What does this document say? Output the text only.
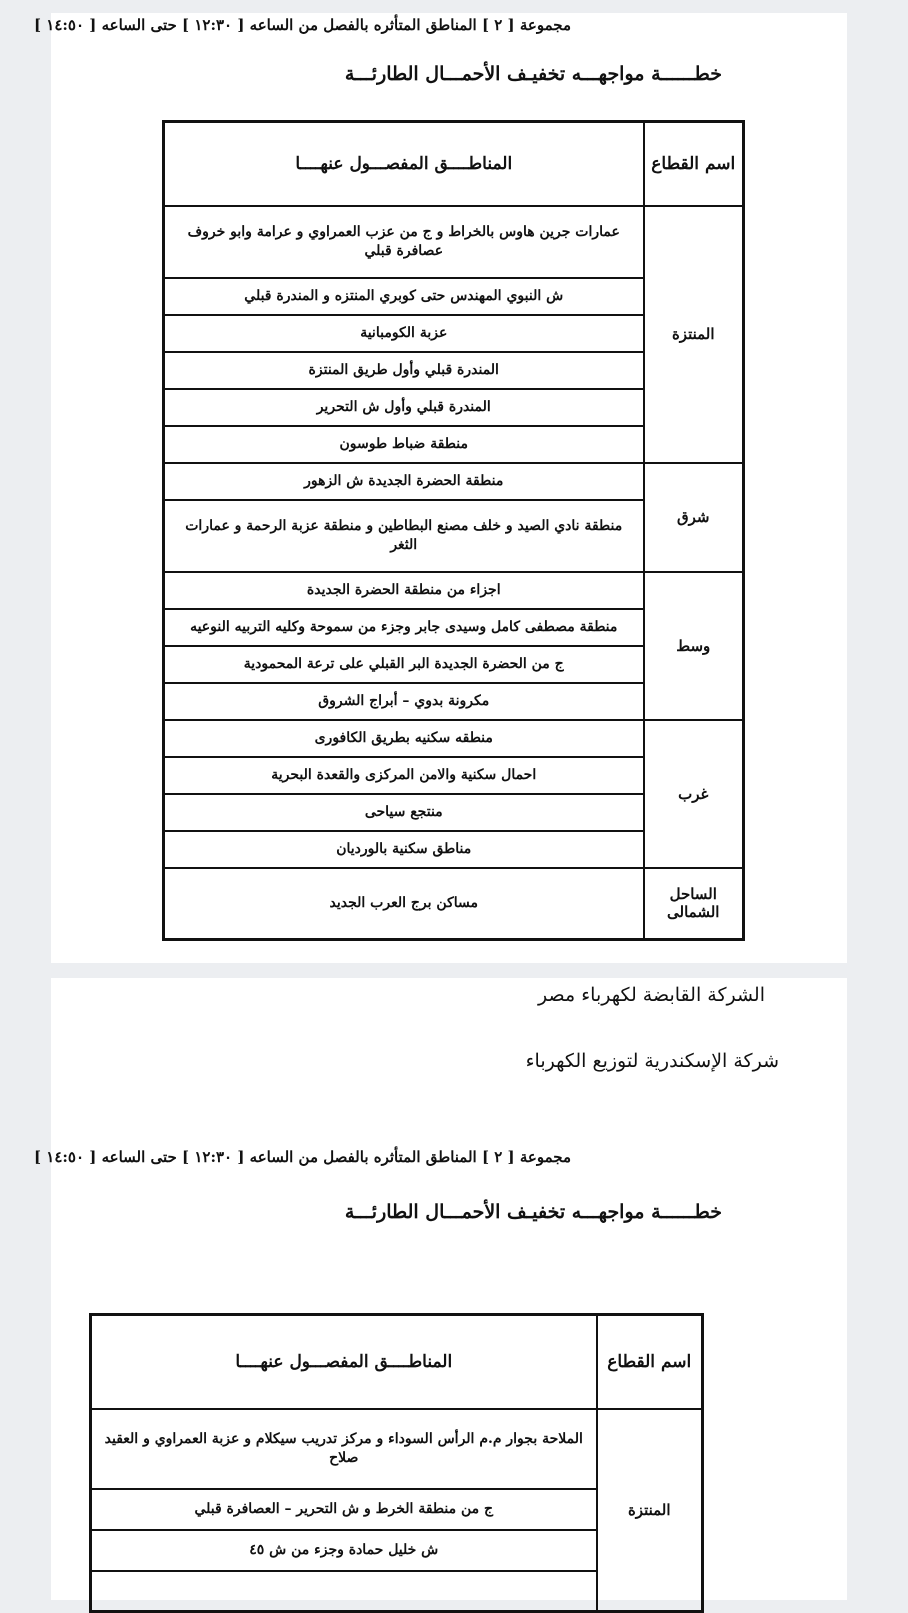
مجموعة [ ٢ ] المناطق المتأثره بالفصل من الساعه [ ١٢:٣٠ ] حتى الساعه [ ١٤:٥٠ ]
خطــــــة مواجهـــه تخفيـف الأحمـــال الطارئـــة
اسم القطاع	المناطــــق المفصـــول عنهــــا
المنتزة	عمارات جرين هاوس بالخراط و ج من عزب العمراوي و عرامة وابو خروف عصافرة قبلي
	ش النبوي المهندس حتى كوبري المنتزه و المندرة قبلي
	عزبة الكومبانية
	المندرة قبلي وأول طريق المنتزة
	المندرة قبلي وأول ش التحرير
	منطقة ضباط طوسون
شرق	منطقة الحضرة الجديدة ش الزهور
	منطقة نادي الصيد و خلف مصنع البطاطين و منطقة عزبة الرحمة و عمارات الثغر
وسط	اجزاء من منطقة الحضرة الجديدة
	منطقة مصطفى كامل وسيدى جابر وجزء من سموحة وكليه التربيه النوعيه
	ج من الحضرة الجديدة البر القبلي على ترعة المحمودية
	مكرونة بدوي – أبراج الشروق
غرب	منطقه سكنيه بطريق الكافورى
	احمال سكنية والامن المركزى والقعدة البحرية
	منتجع سياحى
	مناطق سكنية بالورديان
الساحل الشمالى	مساكن برج العرب الجديد
الشركة القابضة لكهرباء مصر
شركة الإسكندرية لتوزيع الكهرباء
مجموعة [ ٢ ] المناطق المتأثره بالفصل من الساعه [ ١٢:٣٠ ] حتى الساعه [ ١٤:٥٠ ]
خطــــــة مواجهـــه تخفيـف الأحمـــال الطارئـــة
اسم القطاع	المناطــــق المفصـــول عنهــــا
المنتزة	الملاحة بجوار م.م الرأس السوداء و مركز تدريب سيكلام و عزبة العمراوي و العقيد صلاح
	ج من منطقة الخرط و ش التحرير – العصافرة قبلي
	ش خليل حمادة وجزء من ش ٤٥
